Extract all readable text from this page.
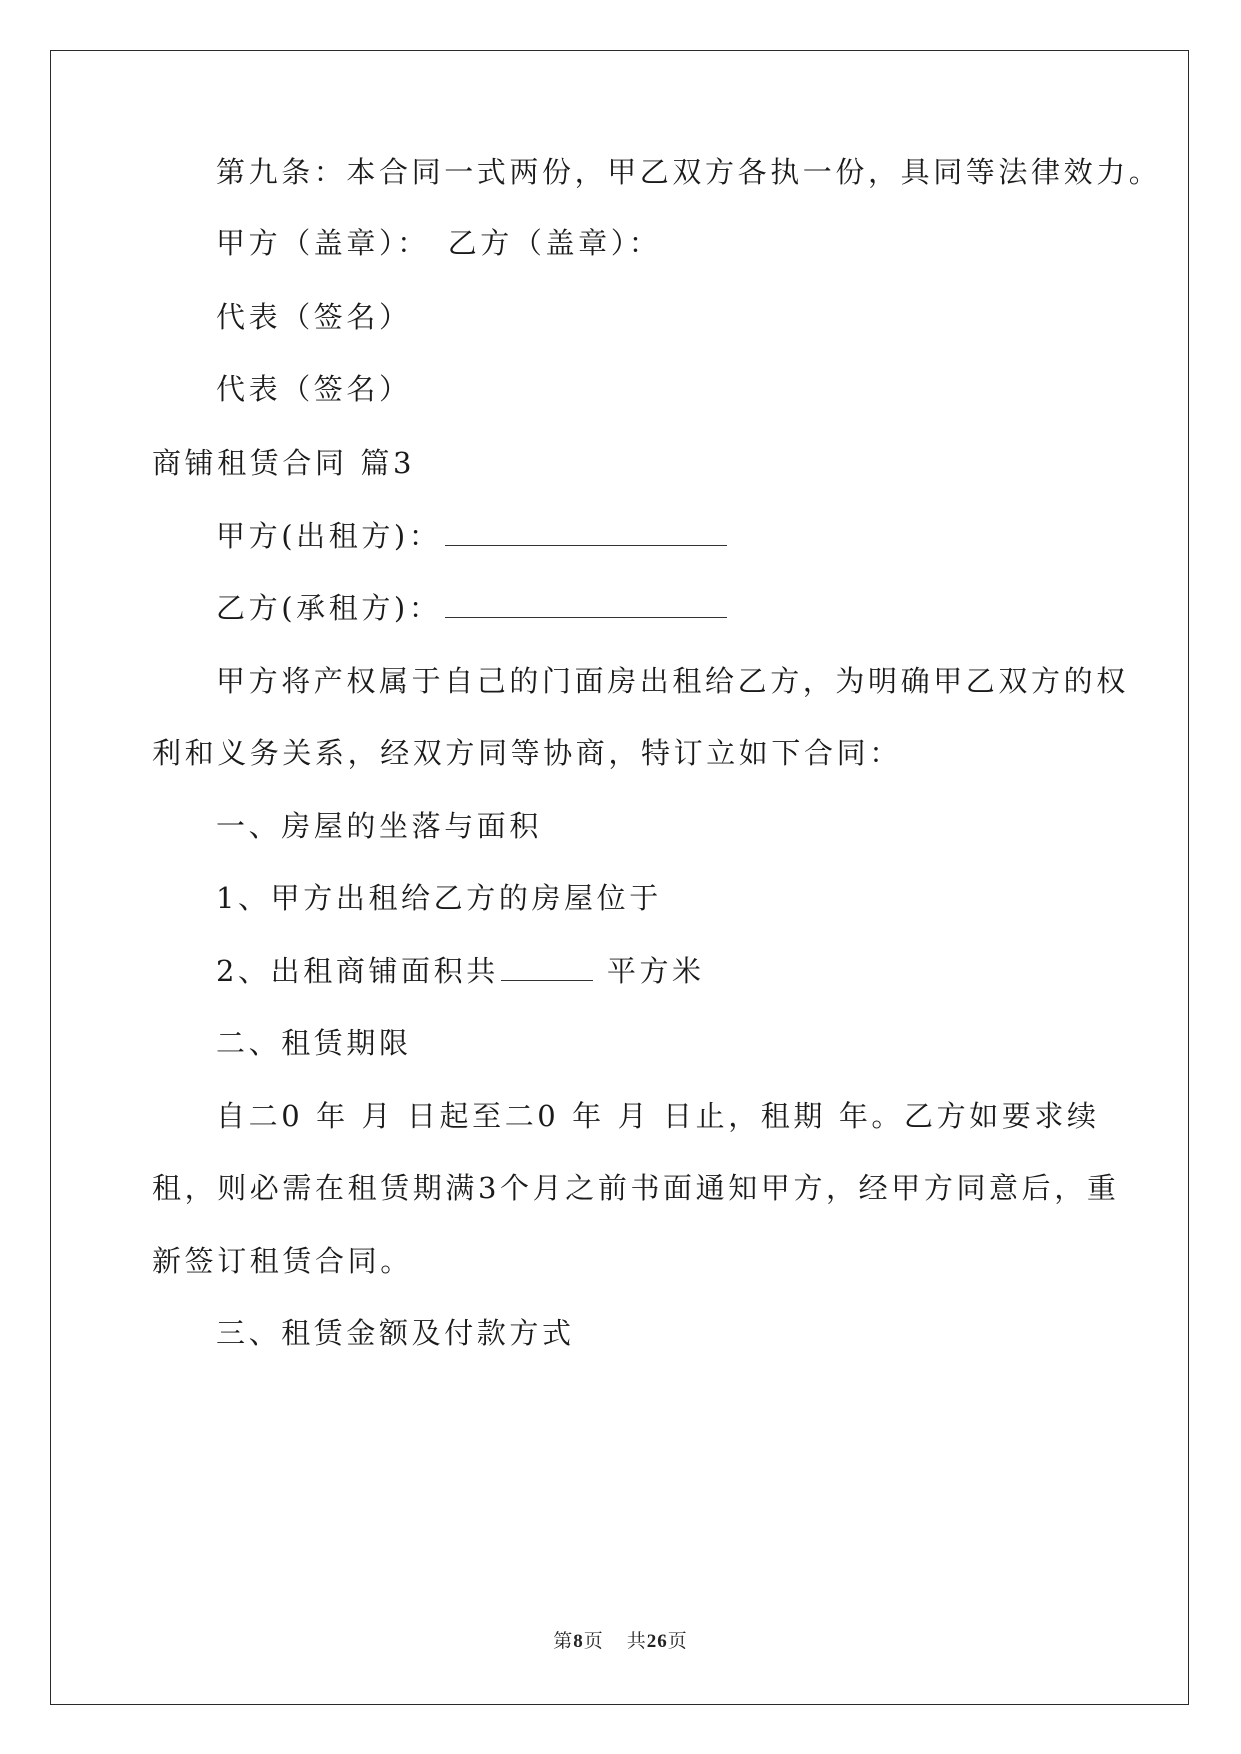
第九条：本合同一式两份，甲乙双方各执一份，具同等法律效力。

甲方（盖章）： 乙方（盖章）：

代表（签名）

代表（签名）

商铺租赁合同 篇3

甲方(出租方)：

乙方(承租方)：

甲方将产权属于自己的门面房出租给乙方，为明确甲乙双方的权

利和义务关系，经双方同等协商，特订立如下合同：

一、房屋的坐落与面积

1、甲方出租给乙方的房屋位于

2、出租商铺面积共	平方米

二、租赁期限

自二0 年 月 日起至二0 年 月 日止，租期 年。乙方如要求续

租，则必需在租赁期满3个月之前书面通知甲方，经甲方同意后，重

新签订租赁合同。

三、租赁金额及付款方式

第8页 共26页
